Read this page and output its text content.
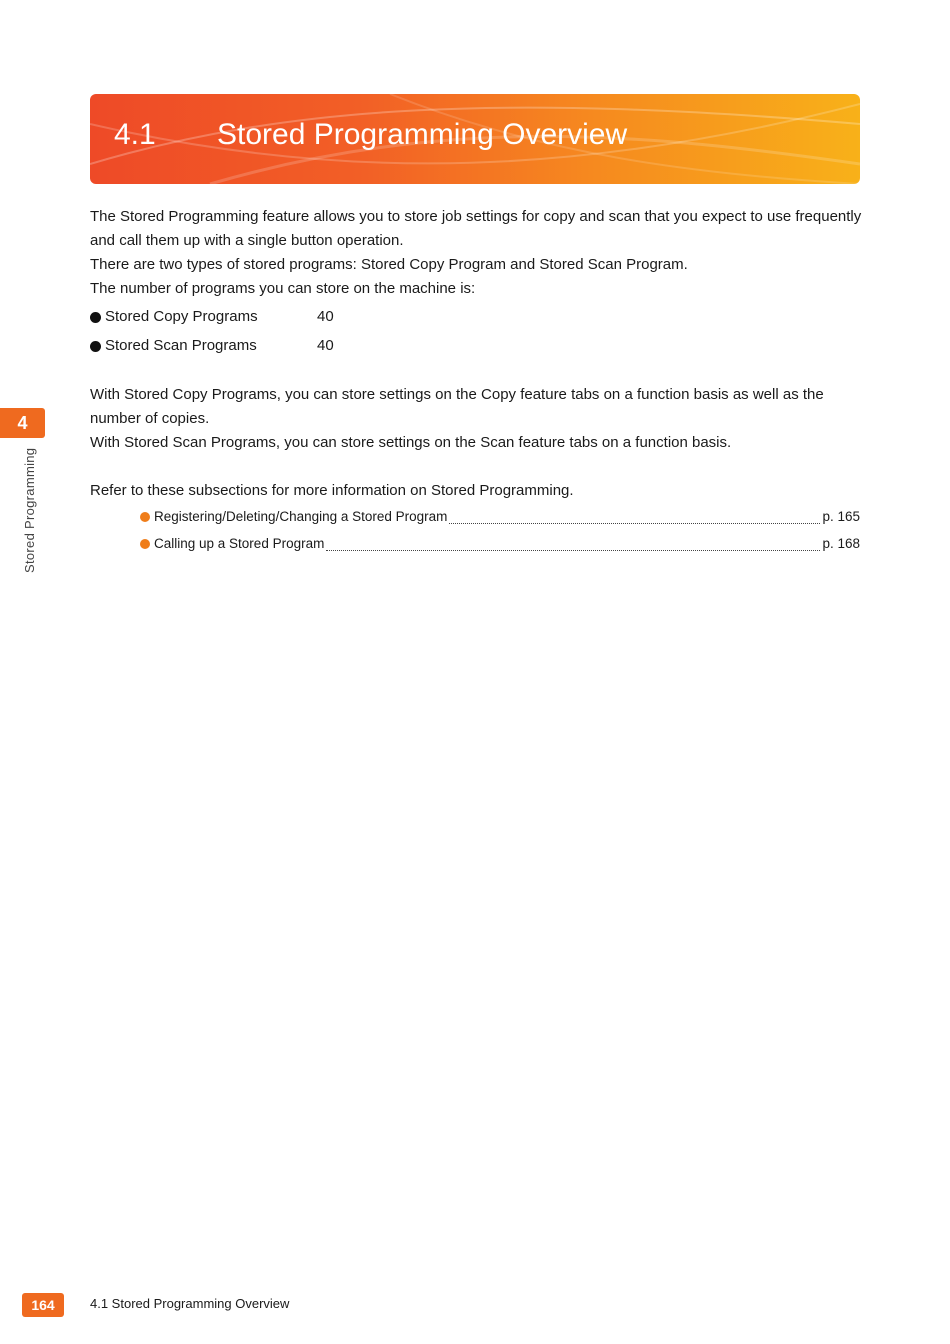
4.1 Stored Programming Overview

The Stored Programming feature allows you to store job settings for copy and scan that you expect to use frequently and call them up with a single button operation.

There are two types of stored programs: Stored Copy Program and Stored Scan Program.

The number of programs you can store on the machine is:

Stored Copy Programs	40
Stored Scan Programs	40

With Stored Copy Programs, you can store settings on the Copy feature tabs on a function basis as well as the number of copies.

With Stored Scan Programs, you can store settings on the Scan feature tabs on a function basis.

Refer to these subsections for more information on Stored Programming.

Registering/Deleting/Changing a Stored Program	p. 165
Calling up a Stored Program	p. 168
4
Stored Programming
164	4.1 Stored Programming Overview
